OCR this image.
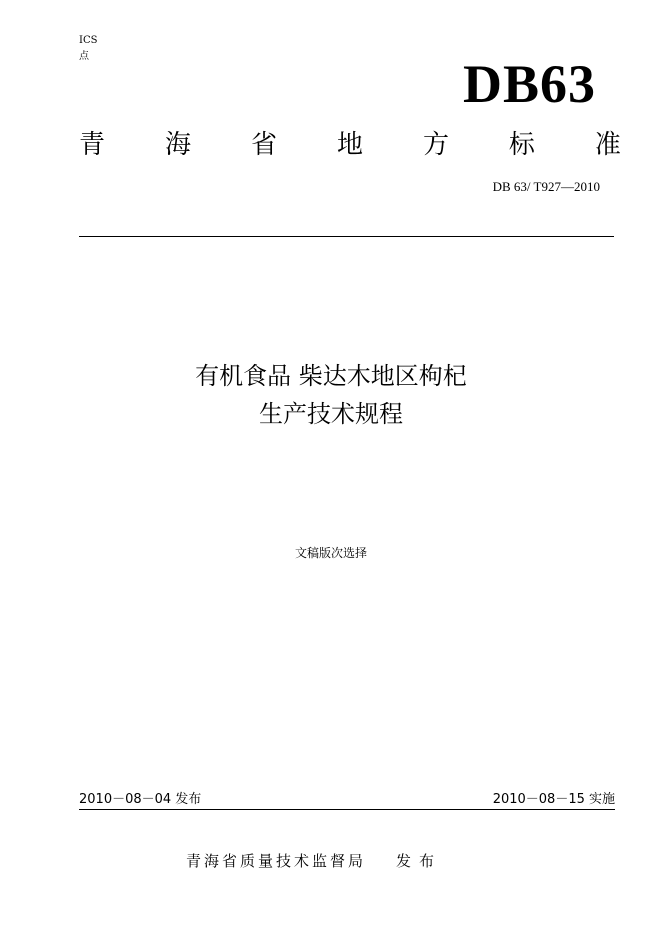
ICS
点	DB63
青 海 省 地 方 标 准
DB 63/ T927—2010
有机食品 柴达木地区枸杞
生产技术规程
文稿版次选择
2010－08－04 发布	2010－08－15 实施
青海省质量技术监督局 发布
